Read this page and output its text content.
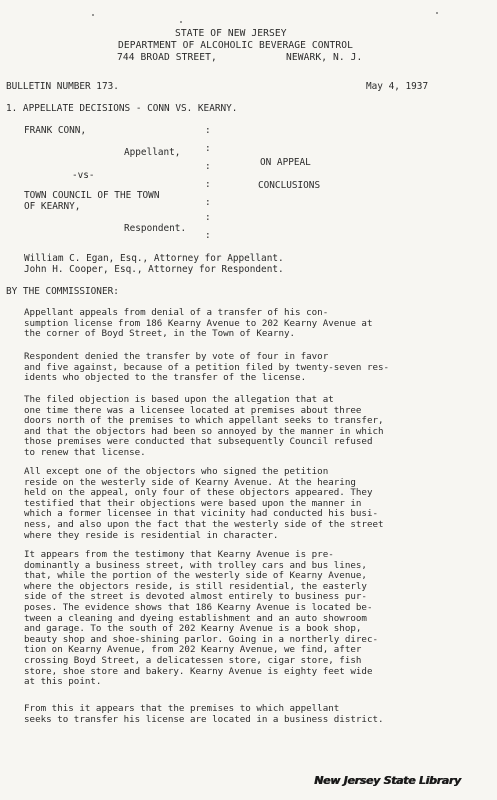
STATE OF NEW JERSEY
DEPARTMENT OF ALCOHOLIC BEVERAGE CONTROL
744 BROAD STREET,	NEWARK, N. J.
BULLETIN NUMBER 173.	May 4, 1937
1. APPELLATE DECISIONS - CONN VS. KEARNY.
FRANK CONN,
Appellant,
-vs-
TOWN COUNCIL OF THE TOWN
OF KEARNY,
Respondent.
ON APPEAL
CONCLUSIONS
:
:
:
:
:
:
:
William C. Egan, Esq., Attorney for Appellant.
John H. Cooper, Esq., Attorney for Respondent.
BY THE COMMISSIONER:
Appellant appeals from denial of a transfer of his con-
sumption license from 186 Kearny Avenue to 202 Kearny Avenue at
the corner of Boyd Street, in the Town of Kearny.
Respondent denied the transfer by vote of four in favor
and five against, because of a petition filed by twenty-seven res-
idents who objected to the transfer of the license.
The filed objection is based upon the allegation that at
one time there was a licensee located at premises about three
doors north of the premises to which appellant seeks to transfer,
and that the objectors had been so annoyed by the manner in which
those premises were conducted that subsequently Council refused
to renew that license.
All except one of the objectors who signed the petition
reside on the westerly side of Kearny Avenue. At the hearing
held on the appeal, only four of these objectors appeared. They
testified that their objections were based upon the manner in
which a former licensee in that vicinity had conducted his busi-
ness, and also upon the fact that the westerly side of the street
where they reside is residential in character.
It appears from the testimony that Kearny Avenue is pre-
dominantly a business street, with trolley cars and bus lines,
that, while the portion of the westerly side of Kearny Avenue,
where the objectors reside, is still residential, the easterly
side of the street is devoted almost entirely to business pur-
poses. The evidence shows that 186 Kearny Avenue is located be-
tween a cleaning and dyeing establishment and an auto showroom
and garage. To the south of 202 Kearny Avenue is a book shop,
beauty shop and shoe-shining parlor. Going in a northerly direc-
tion on Kearny Avenue, from 202 Kearny Avenue, we find, after
crossing Boyd Street, a delicatessen store, cigar store, fish
store, shoe store and bakery. Kearny Avenue is eighty feet wide
at this point.
From this it appears that the premises to which appellant
seeks to transfer his license are located in a business district.
New Jersey State Library
